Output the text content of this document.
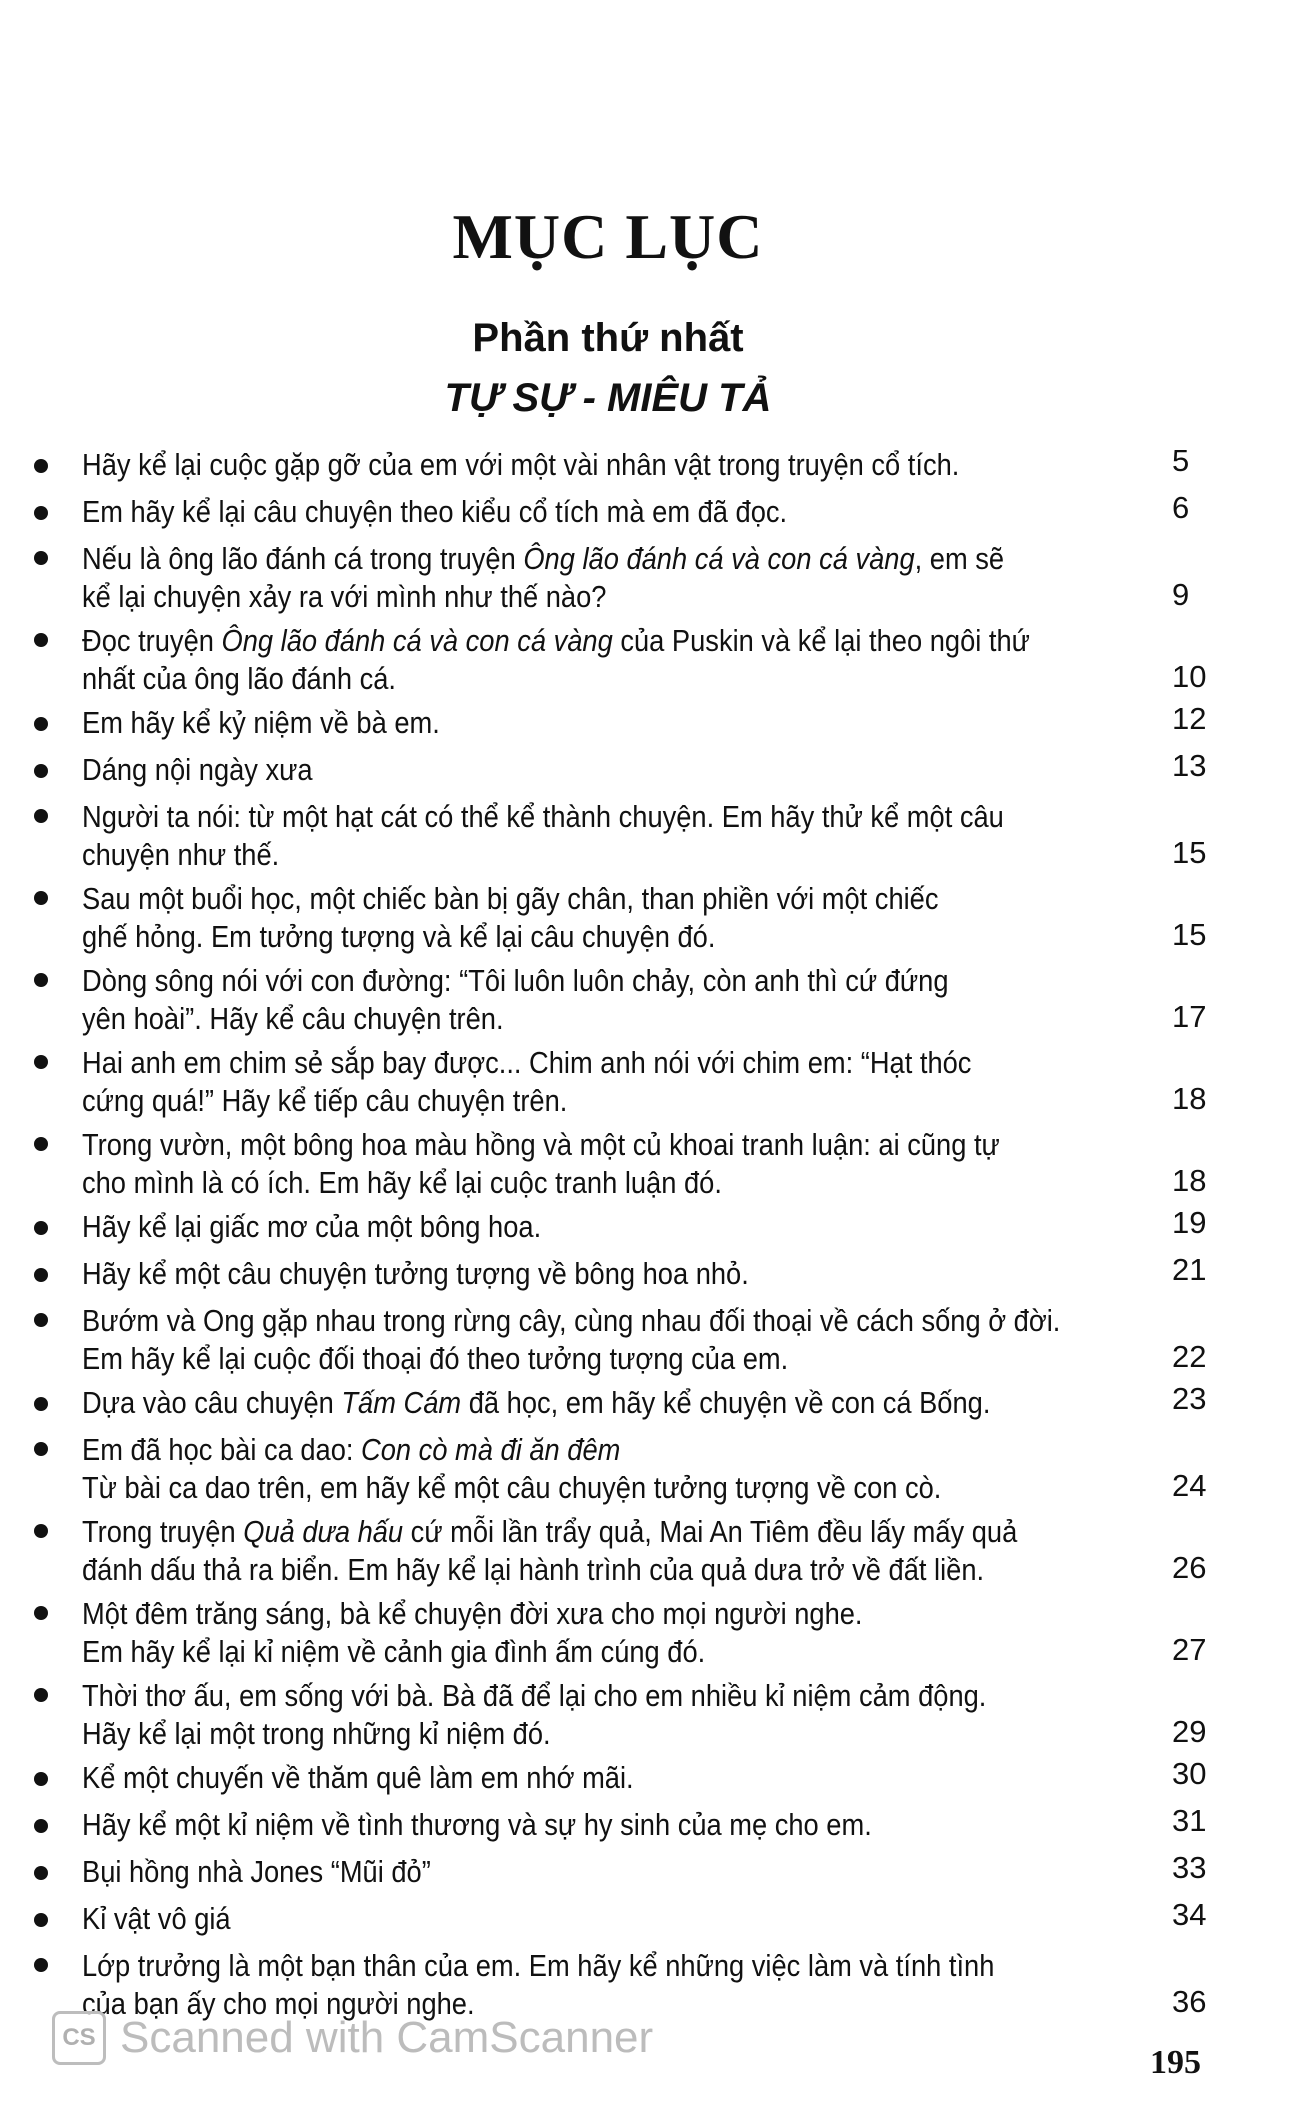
MỤC LỤC
Phần thứ nhất
TỰ SỰ - MIÊU TẢ
Hãy kể lại cuộc gặp gỡ của em với một vài nhân vật trong truyện cổ tích.	5
Em hãy kể lại câu chuyện theo kiểu cổ tích mà em đã đọc.	6
Nếu là ông lão đánh cá trong truyện Ông lão đánh cá và con cá vàng, em sẽ
kể lại chuyện xảy ra với mình như thế nào?	9
Đọc truyện Ông lão đánh cá và con cá vàng của Puskin và kể lại theo ngôi thứ
nhất của ông lão đánh cá.	10
Em hãy kể kỷ niệm về bà em.	12
Dáng nội ngày xưa	13
Người ta nói: từ một hạt cát có thể kể thành chuyện. Em hãy thử kể một câu
chuyện như thế.	15
Sau một buổi học, một chiếc bàn bị gãy chân, than phiền với một chiếc
ghế hỏng. Em tưởng tượng và kể lại câu chuyện đó.	15
Dòng sông nói với con đường: “Tôi luôn luôn chảy, còn anh thì cứ đứng
yên hoài”. Hãy kể câu chuyện trên.	17
Hai anh em chim sẻ sắp bay được... Chim anh nói với chim em: “Hạt thóc
cứng quá!” Hãy kể tiếp câu chuyện trên.	18
Trong vườn, một bông hoa màu hồng và một củ khoai tranh luận: ai cũng tự
cho mình là có ích. Em hãy kể lại cuộc tranh luận đó.	18
Hãy kể lại giấc mơ của một bông hoa.	19
Hãy kể một câu chuyện tưởng tượng về bông hoa nhỏ.	21
Bướm và Ong gặp nhau trong rừng cây, cùng nhau đối thoại về cách sống ở đời.
Em hãy kể lại cuộc đối thoại đó theo tưởng tượng của em.	22
Dựa vào câu chuyện Tấm Cám đã học, em hãy kể chuyện về con cá Bống.	23
Em đã học bài ca dao: Con cò mà đi ăn đêm
Từ bài ca dao trên, em hãy kể một câu chuyện tưởng tượng về con cò.	24
Trong truyện Quả dưa hấu cứ mỗi lần trẩy quả, Mai An Tiêm đều lấy mấy quả
đánh dấu thả ra biển. Em hãy kể lại hành trình của quả dưa trở về đất liền.	26
Một đêm trăng sáng, bà kể chuyện đời xưa cho mọi người nghe.
Em hãy kể lại kỉ niệm về cảnh gia đình ấm cúng đó.	27
Thời thơ ấu, em sống với bà. Bà đã để lại cho em nhiều kỉ niệm cảm động.
Hãy kể lại một trong những kỉ niệm đó.	29
Kể một chuyến về thăm quê làm em nhớ mãi.	30
Hãy kể một kỉ niệm về tình thương và sự hy sinh của mẹ cho em.	31
Bụi hồng nhà Jones “Mũi đỏ”	33
Kỉ vật vô giá	34
Lớp trưởng là một bạn thân của em. Em hãy kể những việc làm và tính tình
của bạn ấy cho mọi người nghe.	36
CS Scanned with CamScanner
195
